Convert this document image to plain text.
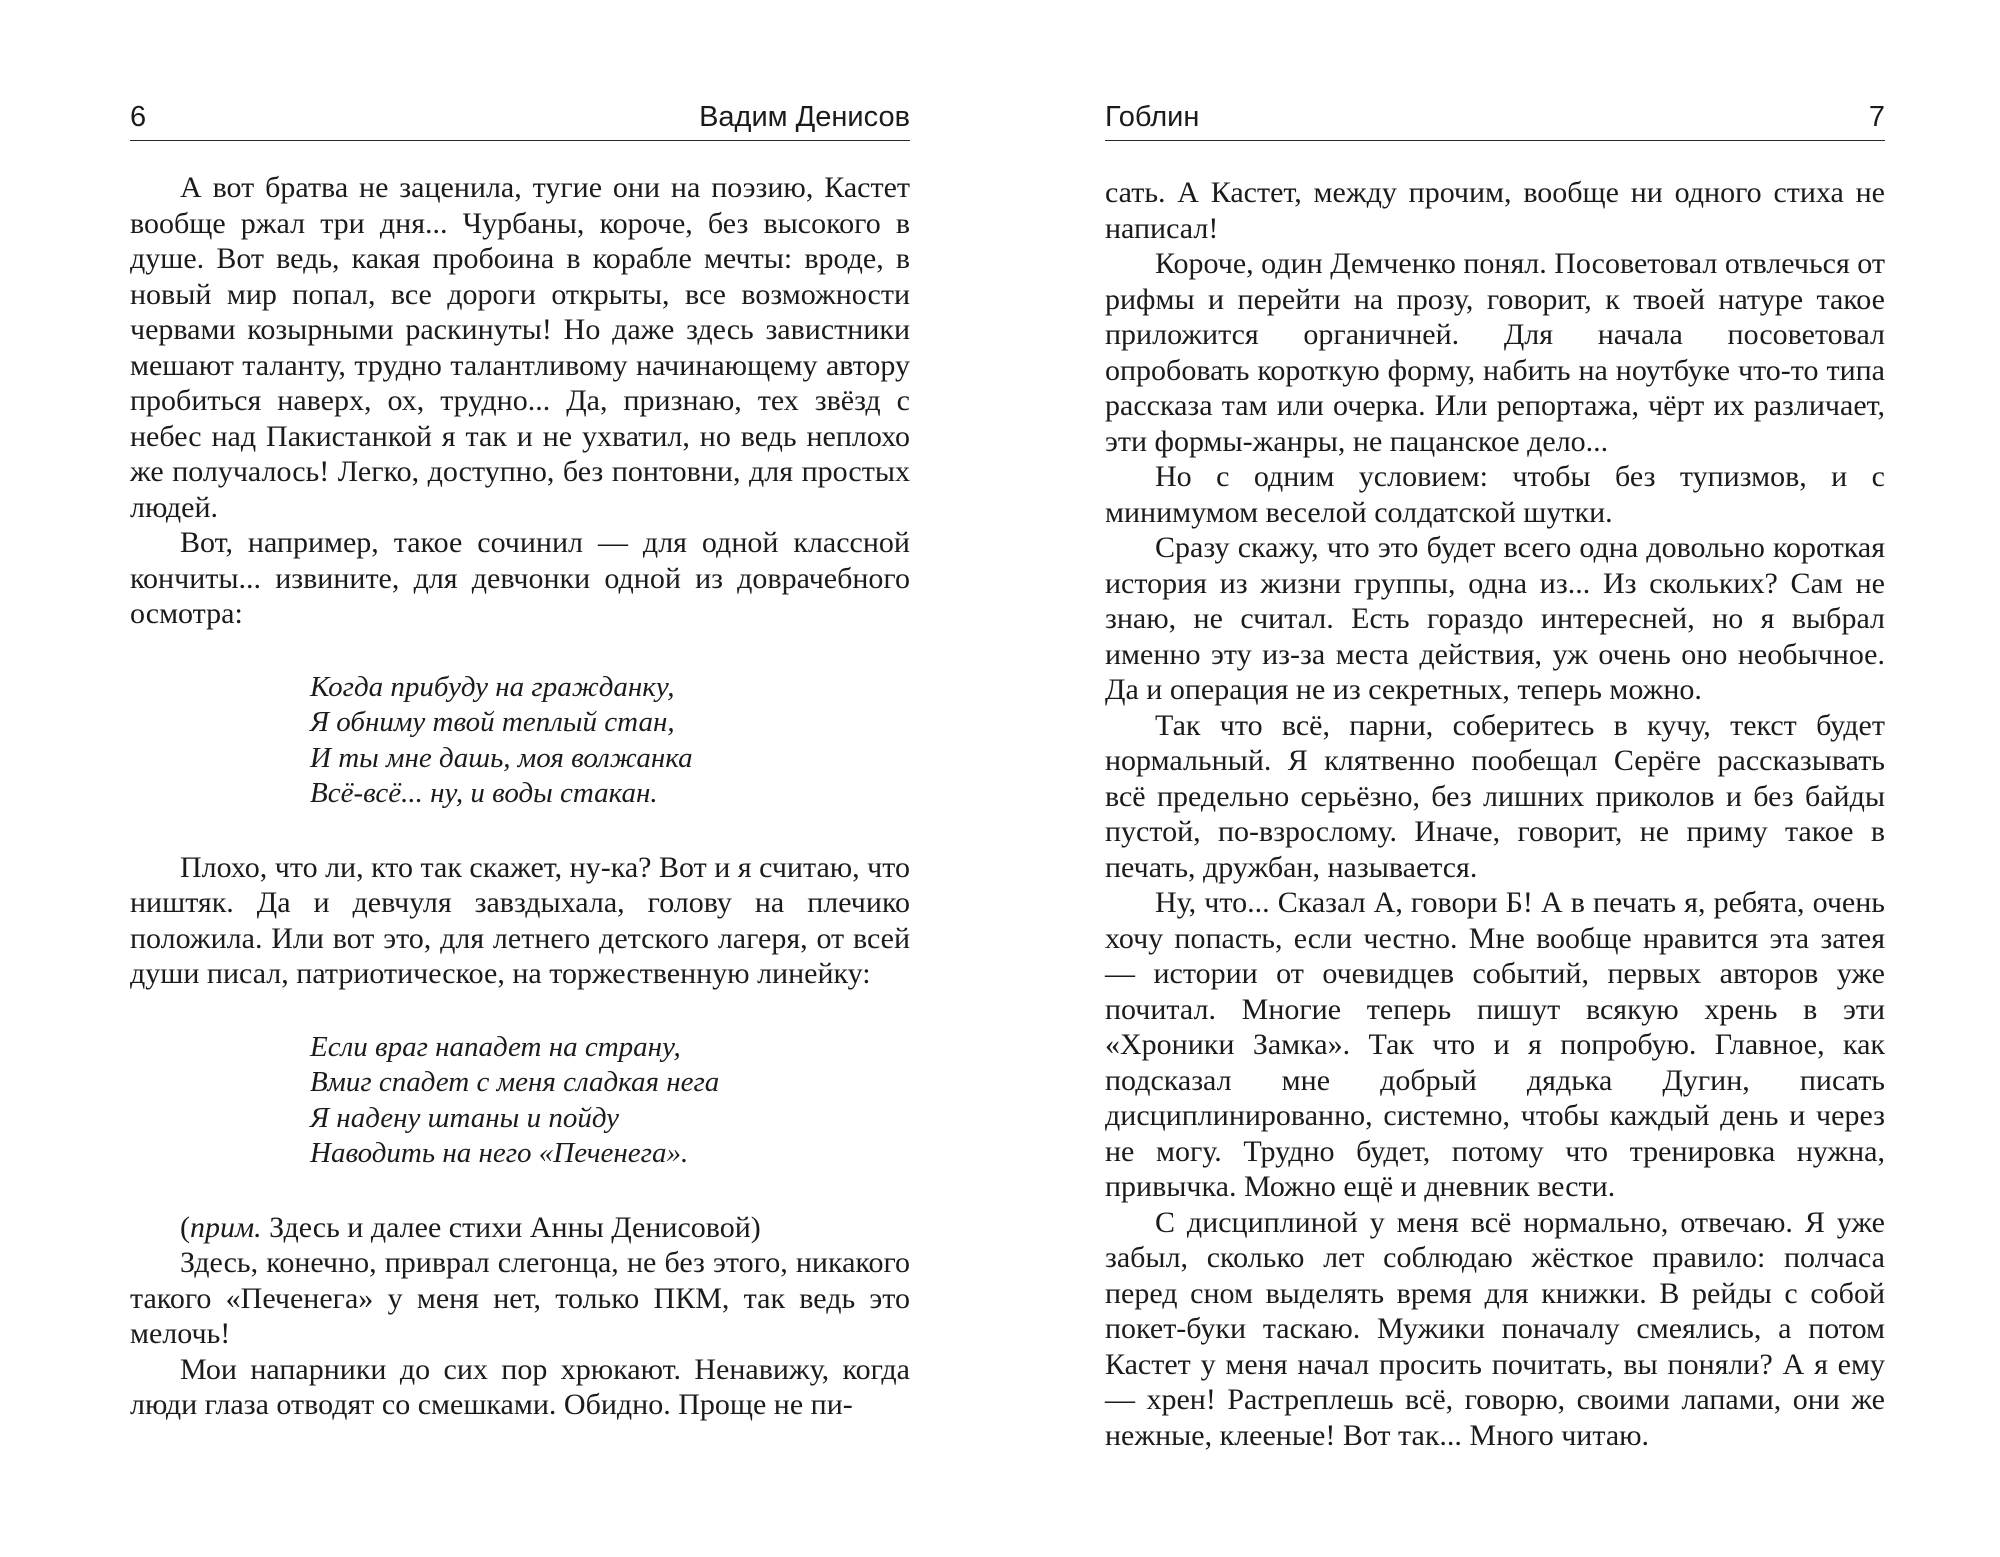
6	Вадим Денисов

А вот братва не заценила, тугие они на поэзию, Кастет вообще ржал три дня... Чурбаны, короче, без высокого в душе. Вот ведь, какая пробоина в корабле мечты: вроде, в новый мир попал, все дороги открыты, все возможности червами козырными раскинуты! Но даже здесь завистники мешают таланту, трудно талантливому начинающему автору пробиться наверх, ох, трудно... Да, признаю, тех звёзд с небес над Пакистанкой я так и не ухватил, но ведь неплохо же получалось! Легко, доступно, без понтовни, для простых людей.

Вот, например, такое сочинил — для одной классной кончиты... извините, для девчонки одной из доврачебного осмотра:

Когда прибуду на гражданку,
Я обниму твой теплый стан,
И ты мне дашь, моя волжанка
Всё-всё... ну, и воды стакан.

Плохо, что ли, кто так скажет, ну-ка? Вот и я считаю, что ништяк. Да и девчуля завздыхала, голову на плечико положила. Или вот это, для летнего детского лагеря, от всей души писал, патриотическое, на торжественную линейку:

Если враг нападет на страну,
Вмиг спадет с меня сладкая нега
Я надену штаны и пойду
Наводить на него «Печенега».

(прим. Здесь и далее стихи Анны Денисовой)

Здесь, конечно, приврал слегонца, не без этого, никакого такого «Печенега» у меня нет, только ПКМ, так ведь это мелочь!

Мои напарники до сих пор хрюкают. Ненавижу, когда люди глаза отводят со смешками. Обидно. Проще не пи-

Гоблин	7

сать. А Кастет, между прочим, вообще ни одного стиха не написал!

Короче, один Демченко понял. Посоветовал отвлечься от рифмы и перейти на прозу, говорит, к твоей натуре такое приложится органичней. Для начала посоветовал опробовать короткую форму, набить на ноутбуке что-то типа рассказа там или очерка. Или репортажа, чёрт их различает, эти формы-жанры, не пацанское дело...

Но с одним условием: чтобы без тупизмов, и с минимумом веселой солдатской шутки.

Сразу скажу, что это будет всего одна довольно короткая история из жизни группы, одна из... Из скольких? Сам не знаю, не считал. Есть гораздо интересней, но я выбрал именно эту из-за места действия, уж очень оно необычное. Да и операция не из секретных, теперь можно.

Так что всё, парни, соберитесь в кучу, текст будет нормальный. Я клятвенно пообещал Серёге рассказывать всё предельно серьёзно, без лишних приколов и без байды пустой, по-взрослому. Иначе, говорит, не приму такое в печать, дружбан, называется.

Ну, что... Сказал А, говори Б! А в печать я, ребята, очень хочу попасть, если честно. Мне вообще нравится эта затея — истории от очевидцев событий, первых авторов уже почитал. Многие теперь пишут всякую хрень в эти «Хроники Замка». Так что и я попробую. Главное, как подсказал мне добрый дядька Дугин, писать дисциплинированно, системно, чтобы каждый день и через не могу. Трудно будет, потому что тренировка нужна, привычка. Можно ещё и дневник вести.

С дисциплиной у меня всё нормально, отвечаю. Я уже забыл, сколько лет соблюдаю жёсткое правило: полчаса перед сном выделять время для книжки. В рейды с собой покет-буки таскаю. Мужики поначалу смеялись, а потом Кастет у меня начал просить почитать, вы поняли? А я ему — хрен! Растреплешь всё, говорю, своими лапами, они же нежные, клееные! Вот так... Много читаю.
